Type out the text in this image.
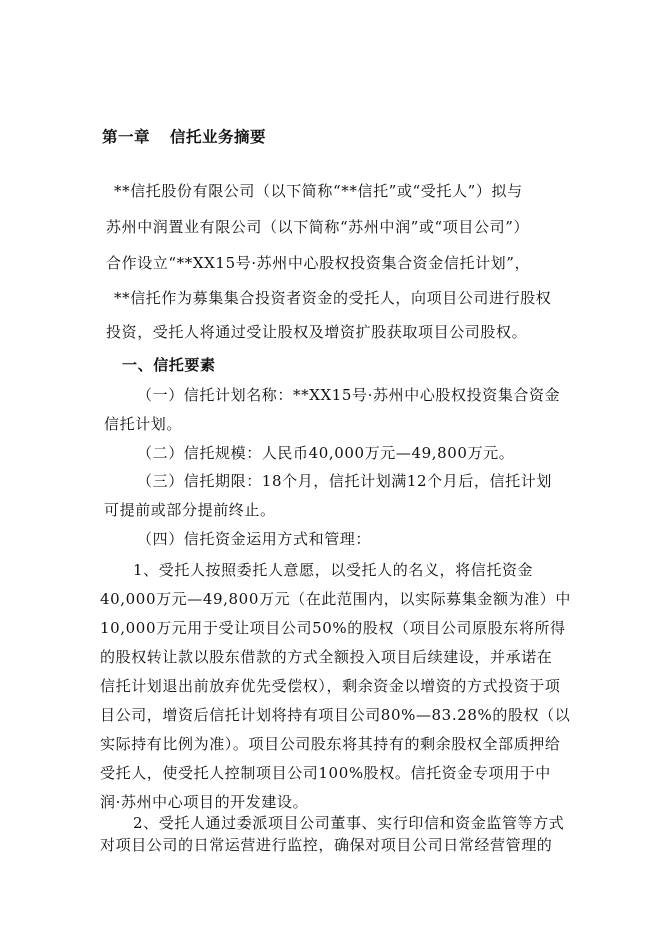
第一章 信托业务摘要
**信托股份有限公司（以下简称“**信托”或“受托人”）拟与
苏州中润置业有限公司（以下简称“苏州中润”或“项目公司”）
合作设立“**XX15号·苏州中心股权投资集合资金信托计划”，
**信托作为募集集合投资者资金的受托人，向项目公司进行股权
投资，受托人将通过受让股权及增资扩股获取项目公司股权。
一、信托要素
（一）信托计划名称：**XX15号·苏州中心股权投资集合资金
信托计划。
（二）信托规模：人民币40,000万元—49,800万元。
（三）信托期限：18个月，信托计划满12个月后，信托计划
可提前或部分提前终止。
（四）信托资金运用方式和管理：
1、受托人按照委托人意愿，以受托人的名义，将信托资金
40,000万元—49,800万元（在此范围内，以实际募集金额为准）中
10,000万元用于受让项目公司50%的股权（项目公司原股东将所得
的股权转让款以股东借款的方式全额投入项目后续建设，并承诺在
信托计划退出前放弃优先受偿权），剩余资金以增资的方式投资于项
目公司，增资后信托计划将持有项目公司80%—83.28%的股权（以
实际持有比例为准）。项目公司股东将其持有的剩余股权全部质押给
受托人，使受托人控制项目公司100%股权。信托资金专项用于中
润·苏州中心项目的开发建设。
2、受托人通过委派项目公司董事、实行印信和资金监管等方式
对项目公司的日常运营进行监控，确保对项目公司日常经营管理的
